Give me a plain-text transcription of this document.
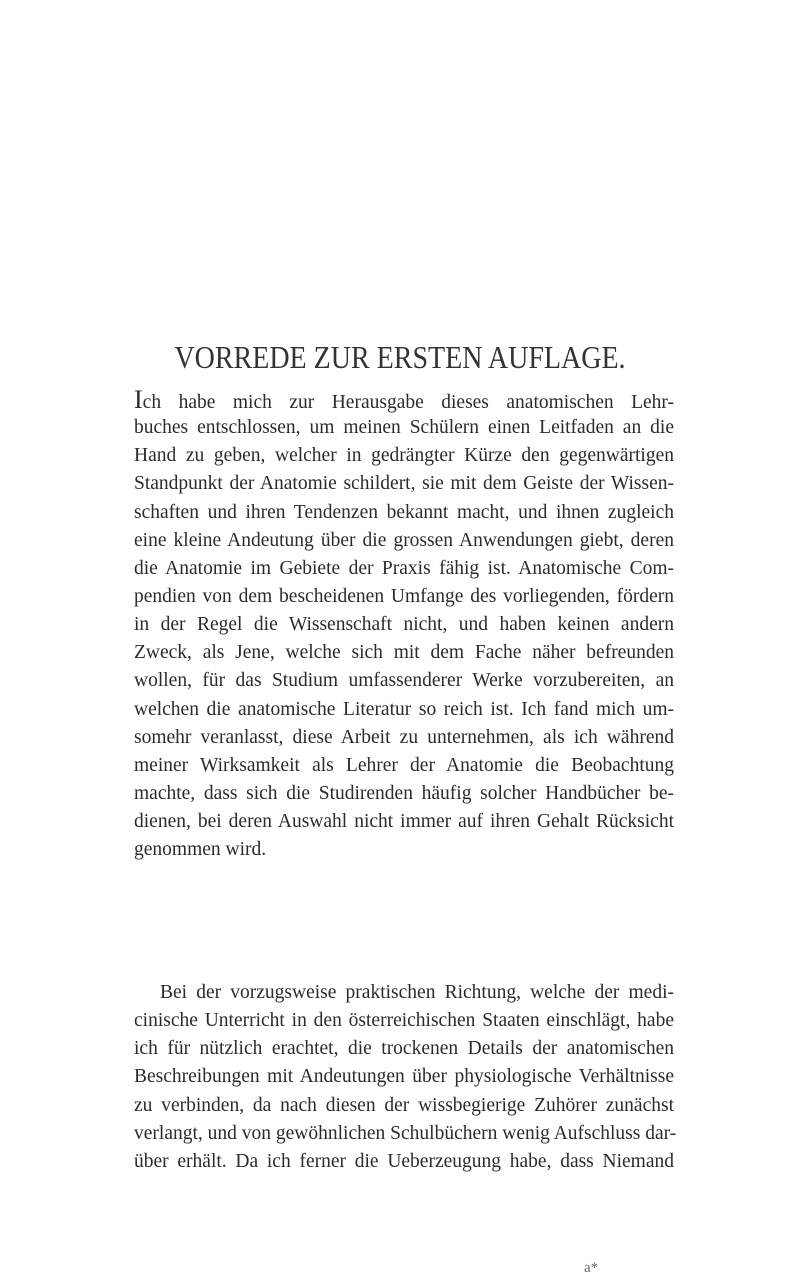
VORREDE ZUR ERSTEN AUFLAGE.
Ich habe mich zur Herausgabe dieses anatomischen Lehr-
buches entschlossen, um meinen Schülern einen Leitfaden an die
Hand zu geben, welcher in gedrängter Kürze den gegenwärtigen
Standpunkt der Anatomie schildert, sie mit dem Geiste der Wissen-
schaften und ihren Tendenzen bekannt macht, und ihnen zugleich
eine kleine Andeutung über die grossen Anwendungen giebt, deren
die Anatomie im Gebiete der Praxis fähig ist. Anatomische Com-
pendien von dem bescheidenen Umfange des vorliegenden, fördern
in der Regel die Wissenschaft nicht, und haben keinen andern
Zweck, als Jene, welche sich mit dem Fache näher befreunden
wollen, für das Studium umfassenderer Werke vorzubereiten, an
welchen die anatomische Literatur so reich ist. Ich fand mich um-
somehr veranlasst, diese Arbeit zu unternehmen, als ich während
meiner Wirksamkeit als Lehrer der Anatomie die Beobachtung
machte, dass sich die Studirenden häufig solcher Handbücher be-
dienen, bei deren Auswahl nicht immer auf ihren Gehalt Rücksicht
genommen wird.
Bei der vorzugsweise praktischen Richtung, welche der medi-
cinische Unterricht in den österreichischen Staaten einschlägt, habe
ich für nützlich erachtet, die trockenen Details der anatomischen
Beschreibungen mit Andeutungen über physiologische Verhältnisse
zu verbinden, da nach diesen der wissbegierige Zuhörer zunächst
verlangt, und von gewöhnlichen Schulbüchern wenig Aufschluss dar-
über erhält. Da ich ferner die Ueberzeugung habe, dass Niemand
a*
